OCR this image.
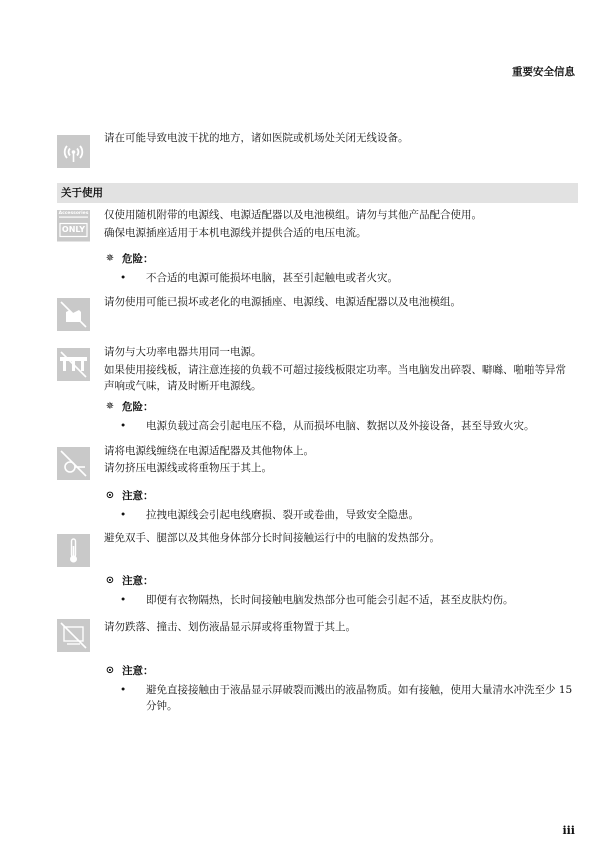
重要安全信息
请在可能导致电波干扰的地方，诸如医院或机场处关闭无线设备。
关于使用
Accessories
ONLY
仅使用随机附带的电源线、电源适配器以及电池模组。请勿与其他产品配合使用。
确保电源插座适用于本机电源线并提供合适的电压电流。
✵ 危险：
•	不合适的电源可能损坏电脑，甚至引起触电或者火灾。
请勿使用可能已损坏或老化的电源插座、电源线、电源适配器以及电池模组。
请勿与大功率电器共用同一电源。
如果使用接线板，请注意连接的负载不可超过接线板限定功率。当电脑发出碎裂、噼噝、啪啪等异常声响或气味，请及时断开电源线。
✵ 危险：
•	电源负载过高会引起电压不稳，从而损坏电脑、数据以及外接设备，甚至导致火灾。
请将电源线缠绕在电源适配器及其他物体上。
请勿挤压电源线或将重物压于其上。
⊙ 注意：
•	拉拽电源线会引起电线磨损、裂开或卷曲，导致安全隐患。
避免双手、腿部以及其他身体部分长时间接触运行中的电脑的发热部分。
⊙ 注意：
•	即便有衣物隔热，长时间接触电脑发热部分也可能会引起不适，甚至皮肤灼伤。
请勿跌落、撞击、划伤液晶显示屏或将重物置于其上。
⊙ 注意：
•	避免直接接触由于液晶显示屏破裂而溅出的液晶物质。如有接触，使用大量清水冲洗至少 15 分钟。
iii
